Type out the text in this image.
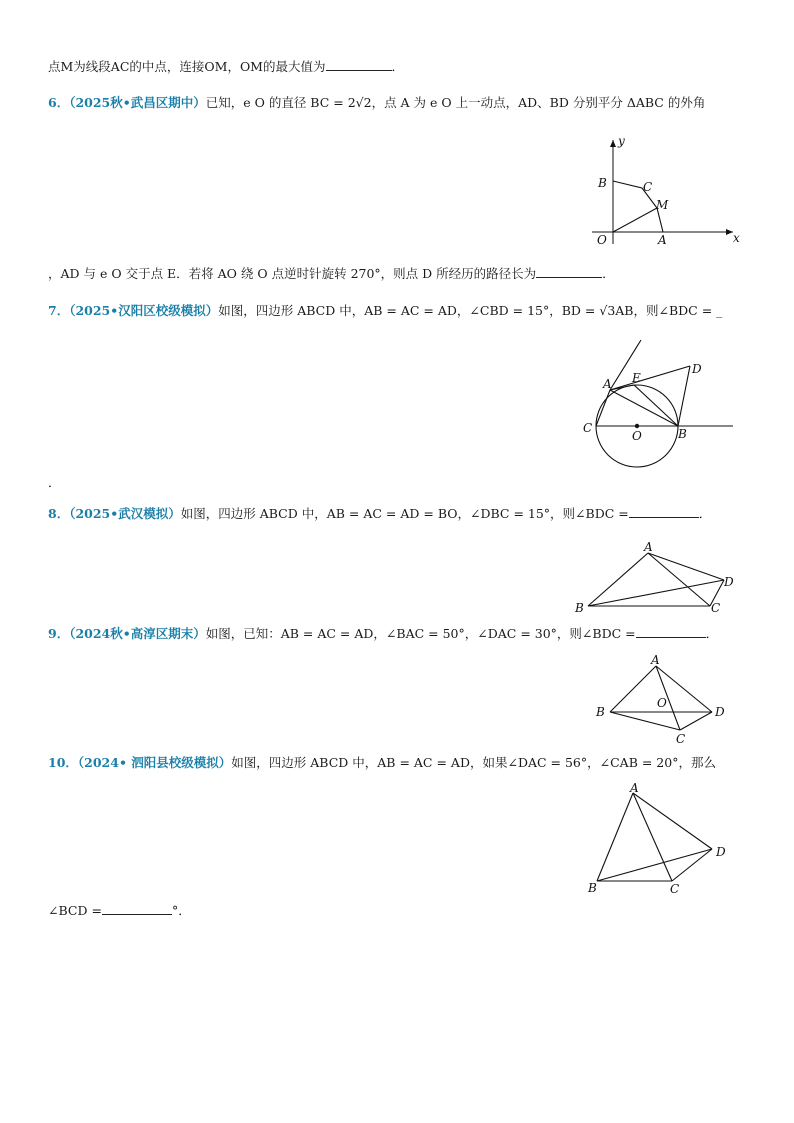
点M为线段AC的中点，连接OM，OM的最大值为	．
6．（2025秋•武昌区期中）已知，e O 的直径 BC = 2√2，点 A 为 e O 上一动点，AD、BD 分别平分 ΔABC 的外角
y
x
O	A
B	C
M
，AD 与 e O 交于点 E．若将 AO 绕 O 点逆时针旋转 270°，则点 D 所经历的路径长为	．
7．（2025•汉阳区校级模拟）如图，四边形 ABCD 中，AB = AC = AD，∠CBD = 15°，BD = √3AB，则∠BDC = _
A E
D
C
O	B
．
8．（2025•武汉模拟）如图，四边形 ABCD 中，AB = AC = AD = BO，∠DBC = 15°，则∠BDC =	．
A
B	C
D
9．（2024秋•高淳区期末）如图，已知：AB = AC = AD，∠BAC = 50°，∠DAC = 30°，则∠BDC =	．
A
B
C
D
O
10．（2024• 泗阳县校级模拟）如图，四边形 ABCD 中，AB = AC = AD，如果∠DAC = 56°，∠CAB = 20°，那么
A
B	C
D
∠BCD =	°．
